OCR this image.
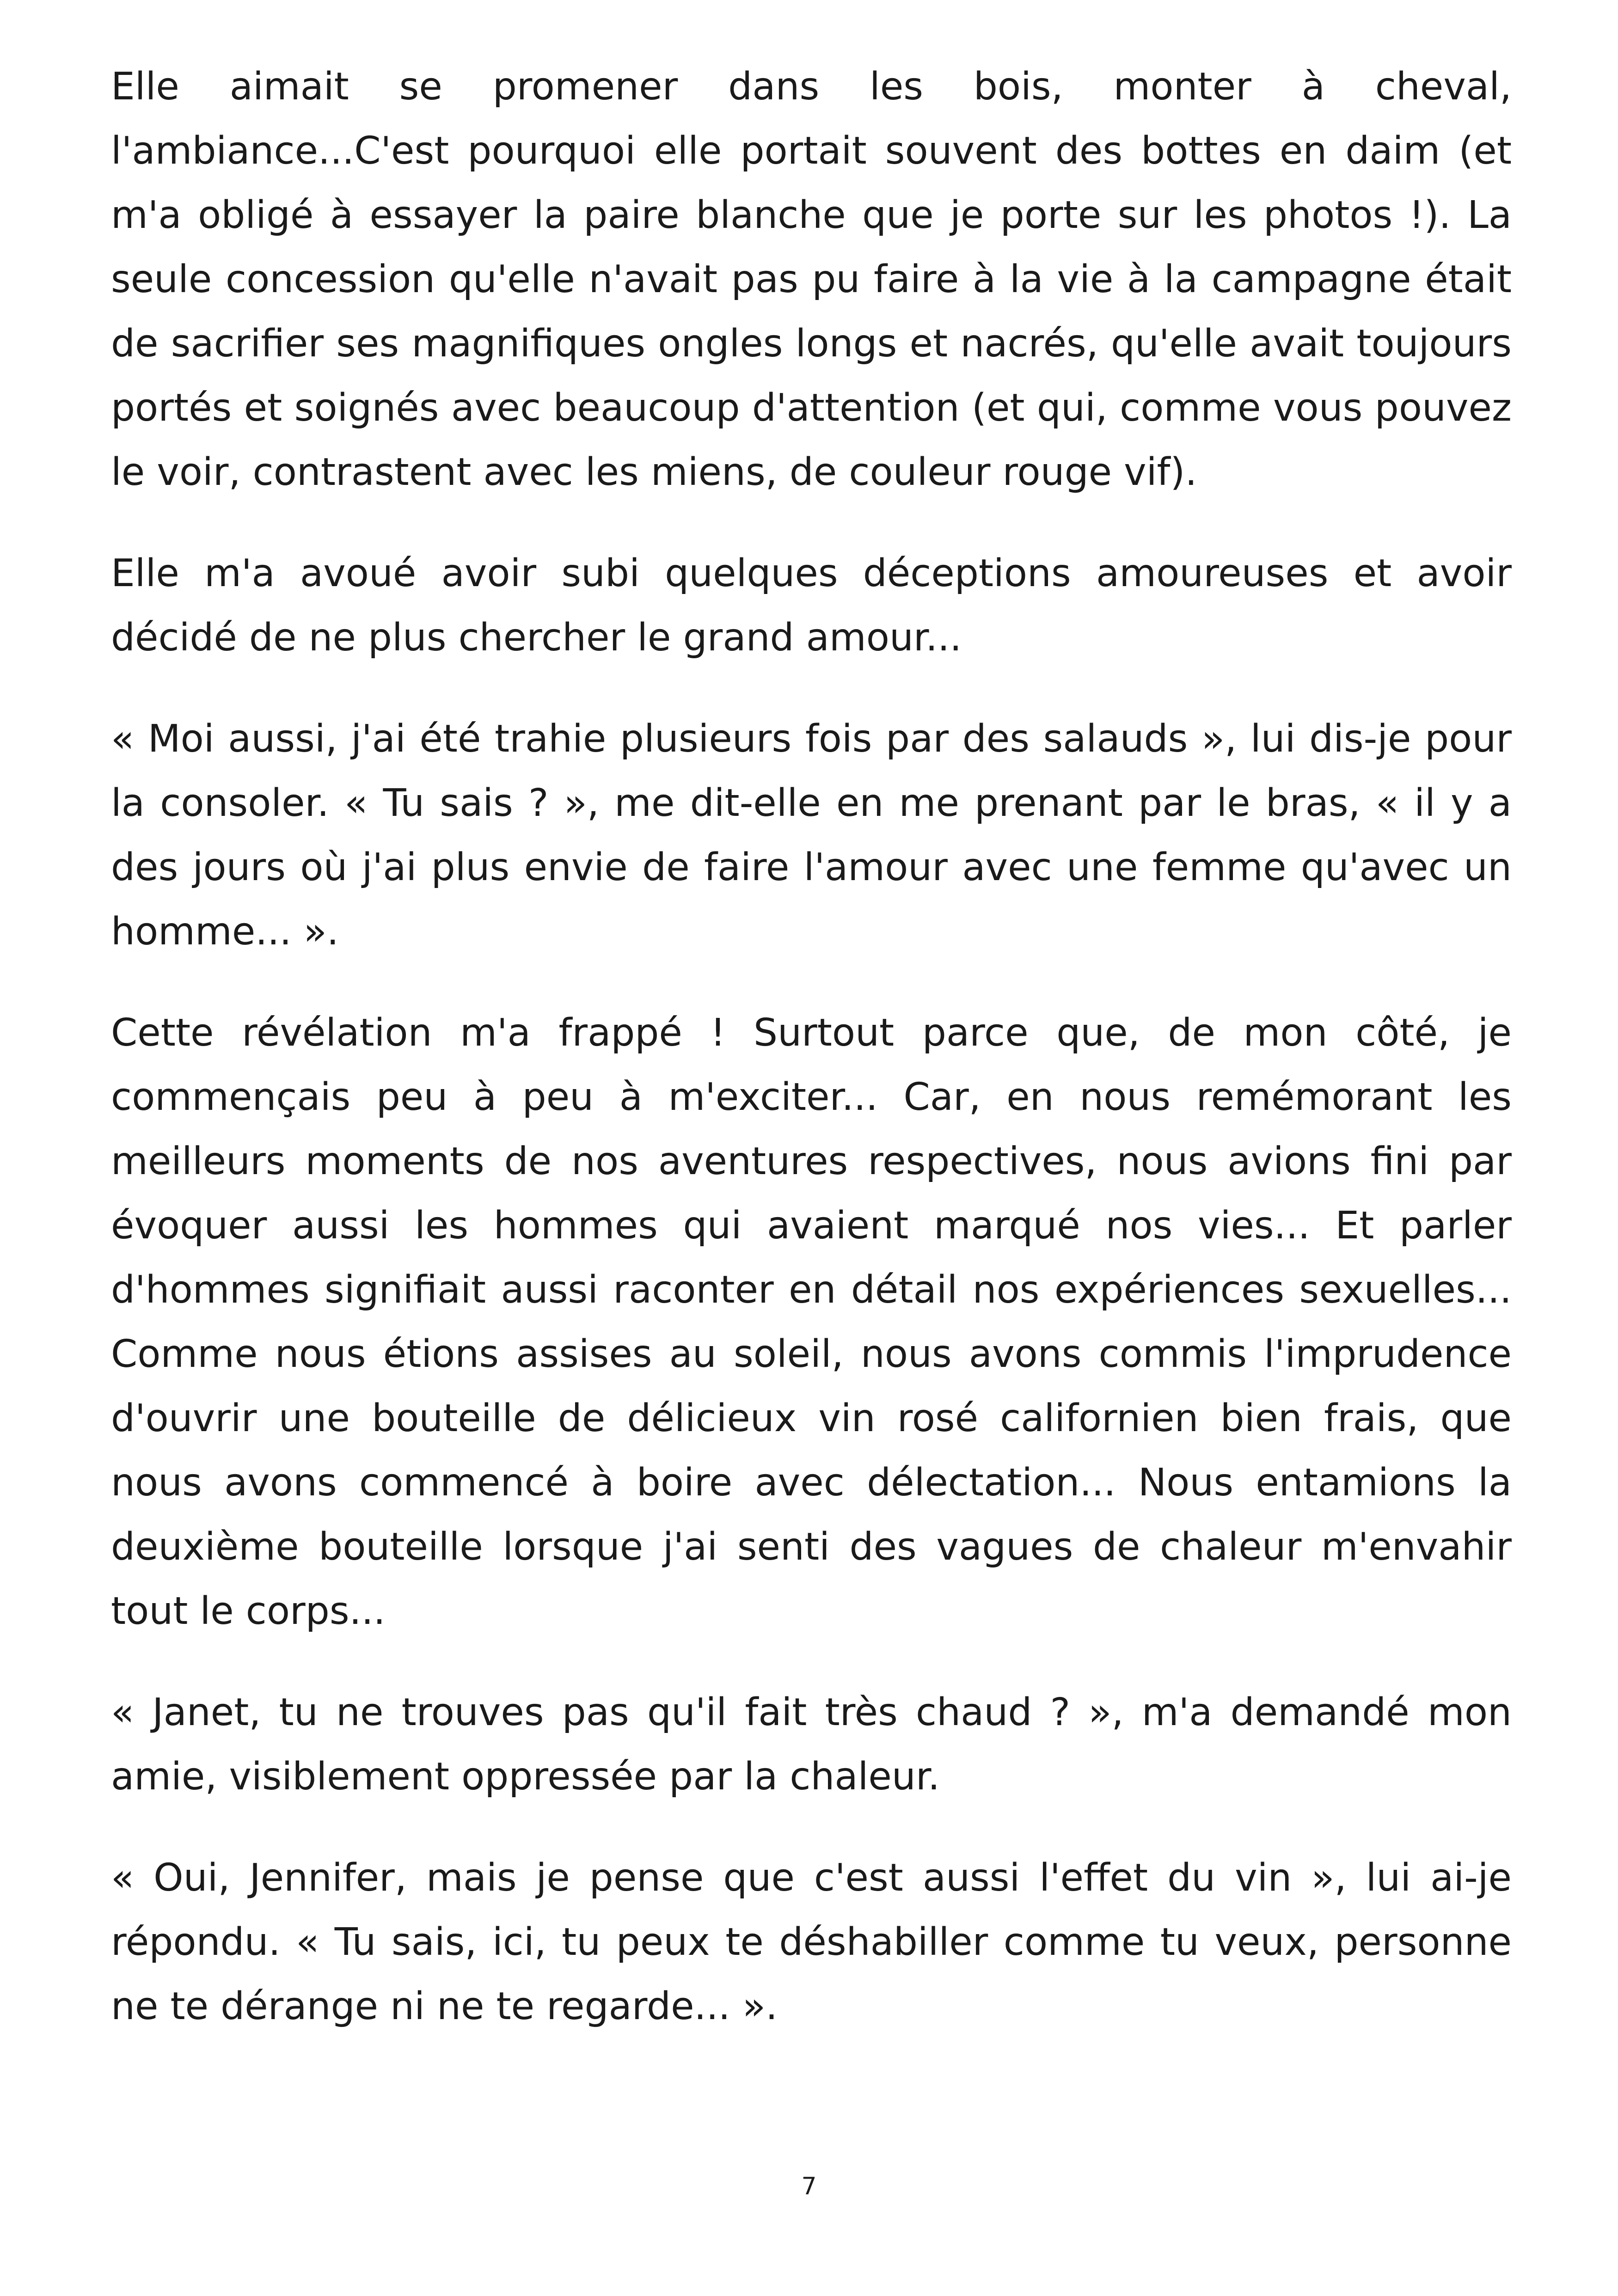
Elle aimait se promener dans les bois, monter à cheval, l'ambiance...C'est pourquoi elle portait souvent des bottes en daim (et m'a obligé à essayer la paire blanche que je porte sur les photos !). La seule concession qu'elle n'avait pas pu faire à la vie à la campagne était de sacrifier ses magnifiques ongles longs et nacrés, qu'elle avait toujours portés et soignés avec beaucoup d'attention (et qui, comme vous pouvez le voir, contrastent avec les miens, de couleur rouge vif).

Elle m'a avoué avoir subi quelques déceptions amoureuses et avoir décidé de ne plus chercher le grand amour...

« Moi aussi, j'ai été trahie plusieurs fois par des salauds », lui dis-je pour la consoler. « Tu sais ? », me dit-elle en me prenant par le bras, « il y a des jours où j'ai plus envie de faire l'amour avec une femme qu'avec un homme... ».

Cette révélation m'a frappé ! Surtout parce que, de mon côté, je commençais peu à peu à m'exciter... Car, en nous remémorant les meilleurs moments de nos aventures respectives, nous avions fini par évoquer aussi les hommes qui avaient marqué nos vies... Et parler d'hommes signifiait aussi raconter en détail nos expériences sexuelles... Comme nous étions assises au soleil, nous avons commis l'imprudence d'ouvrir une bouteille de délicieux vin rosé californien bien frais, que nous avons commencé à boire avec délectation... Nous entamions la deuxième bouteille lorsque j'ai senti des vagues de chaleur m'envahir tout le corps...

« Janet, tu ne trouves pas qu'il fait très chaud ? », m'a demandé mon amie, visiblement oppressée par la chaleur.

« Oui, Jennifer, mais je pense que c'est aussi l'effet du vin », lui ai-je répondu. « Tu sais, ici, tu peux te déshabiller comme tu veux, personne ne te dérange ni ne te regarde... ».

7
